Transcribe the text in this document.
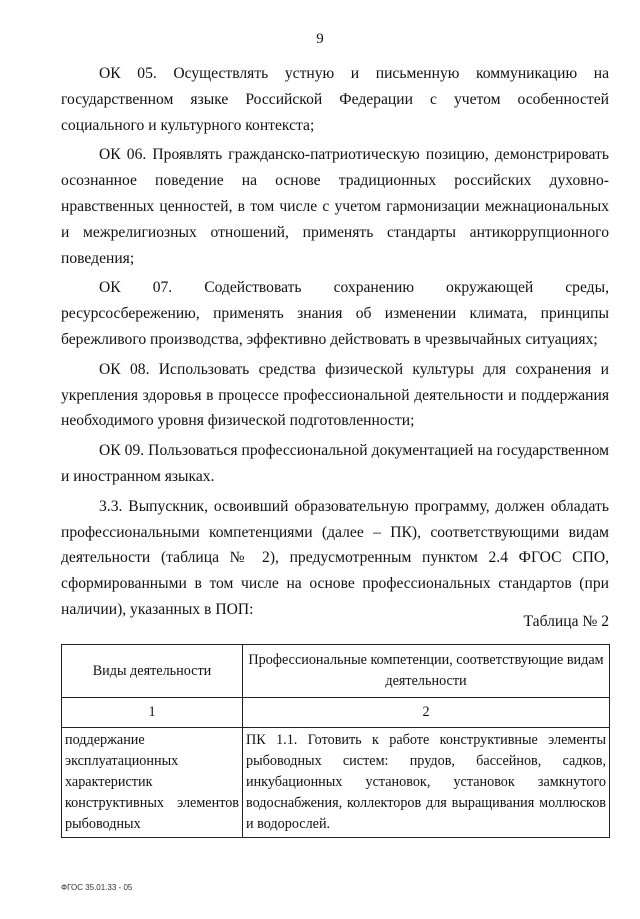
9

ОК 05. Осуществлять устную и письменную коммуникацию на государственном языке Российской Федерации с учетом особенностей социального и культурного контекста;

ОК 06. Проявлять гражданско-патриотическую позицию, демонстрировать осознанное поведение на основе традиционных российских духовно-нравственных ценностей, в том числе с учетом гармонизации межнациональных и межрелигиозных отношений, применять стандарты антикоррупционного поведения;

ОК 07. Содействовать сохранению окружающей среды, ресурсосбережению, применять знания об изменении климата, принципы бережливого производства, эффективно действовать в чрезвычайных ситуациях;

ОК 08. Использовать средства физической культуры для сохранения и укрепления здоровья в процессе профессиональной деятельности и поддержания необходимого уровня физической подготовленности;

ОК 09. Пользоваться профессиональной документацией на государственном и иностранном языках.

3.3. Выпускник, освоивший образовательную программу, должен обладать профессиональными компетенциями (далее – ПК), соответствующими видам деятельности (таблица № 2), предусмотренным пунктом 2.4 ФГОС СПО, сформированными в том числе на основе профессиональных стандартов (при наличии), указанных в ПОП:

Таблица № 2
Виды деятельности	Профессиональные компетенции, соответствующие видам деятельности
1	2
поддержание эксплуатационных характеристик конструктивных элементов рыбоводных	ПК 1.1. Готовить к работе конструктивные элементы рыбоводных систем: прудов, бассейнов, садков, инкубационных установок, установок замкнутого водоснабжения, коллекторов для выращивания моллюсков и водорослей.
ФГОС 35.01.33 - 05
